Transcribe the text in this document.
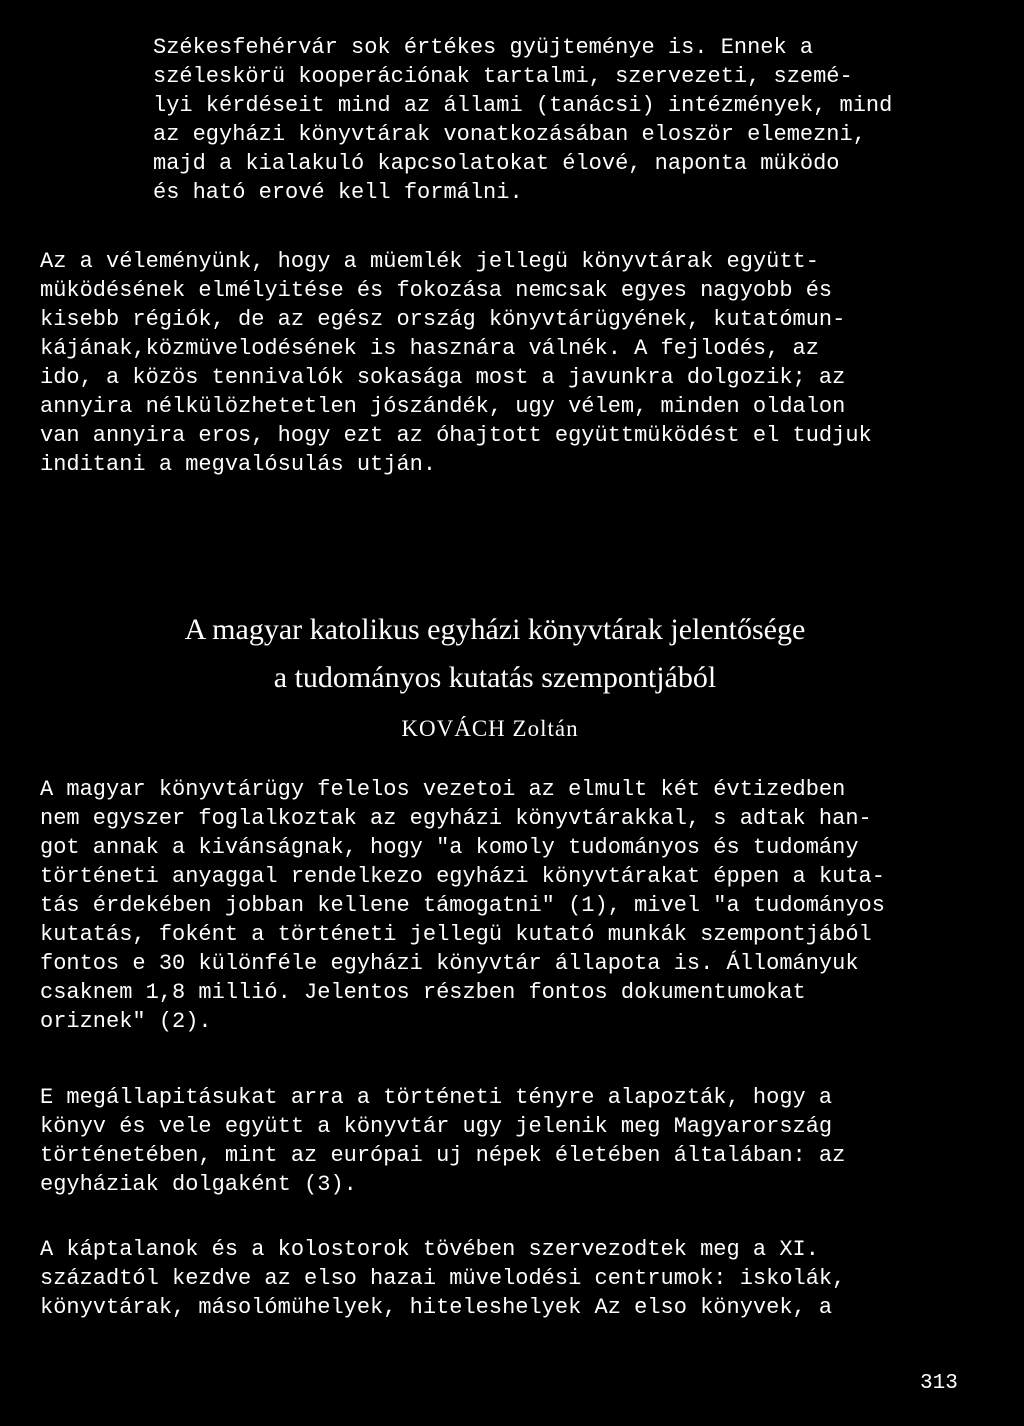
Székesfehérvár sok értékes gyüjteménye is. Ennek a
széleskörü kooperációnak tartalmi, szervezeti, szemé-
lyi kérdéseit mind az állami (tanácsi) intézmények, mind
az egyházi könyvtárak vonatkozásában eloször elemezni,
majd a kialakuló kapcsolatokat élové, naponta müködo
és ható erové kell formálni.
Az a véleményünk, hogy a müemlék jellegü könyvtárak együtt-
müködésének elmélyitése és fokozása nemcsak egyes nagyobb és
kisebb régiók, de az egész ország könyvtárügyének, kutatómun-
kájának,közmüvelodésének is hasznára válnék. A fejlodés, az
ido, a közös tennivalók sokasága most a javunkra dolgozik; az
annyira nélkülözhetetlen jószándék, ugy vélem, minden oldalon
van annyira eros, hogy ezt az óhajtott együttmüködést el tudjuk
inditani a megvalósulás utján.
A magyar katolikus egyházi könyvtárak jelentősége
a tudományos kutatás szempontjából
KOVÁCH Zoltán
A magyar könyvtárügy felelos vezetoi az elmult két évtizedben
nem egyszer foglalkoztak az egyházi könyvtárakkal, s adtak han-
got annak a kivánságnak, hogy "a komoly tudományos és tudomány
történeti anyaggal rendelkezo egyházi könyvtárakat éppen a kuta-
tás érdekében jobban kellene támogatni" (1), mivel "a tudományos
kutatás, foként a történeti jellegü kutató munkák szempontjából
fontos e 30 különféle egyházi könyvtár állapota is. Állományuk
csaknem 1,8 millió. Jelentos részben fontos dokumentumokat
oriznek" (2).
E megállapitásukat arra a történeti tényre alapozták, hogy a
könyv és vele együtt a könyvtár ugy jelenik meg Magyarország
történetében, mint az európai uj népek életében általában: az
egyháziak dolgaként (3).
A káptalanok és a kolostorok tövében szervezodtek meg a XI.
századtól kezdve az elso hazai müvelodési centrumok: iskolák,
könyvtárak, másolómühelyek, hiteleshelyek Az elso könyvek, a
313
